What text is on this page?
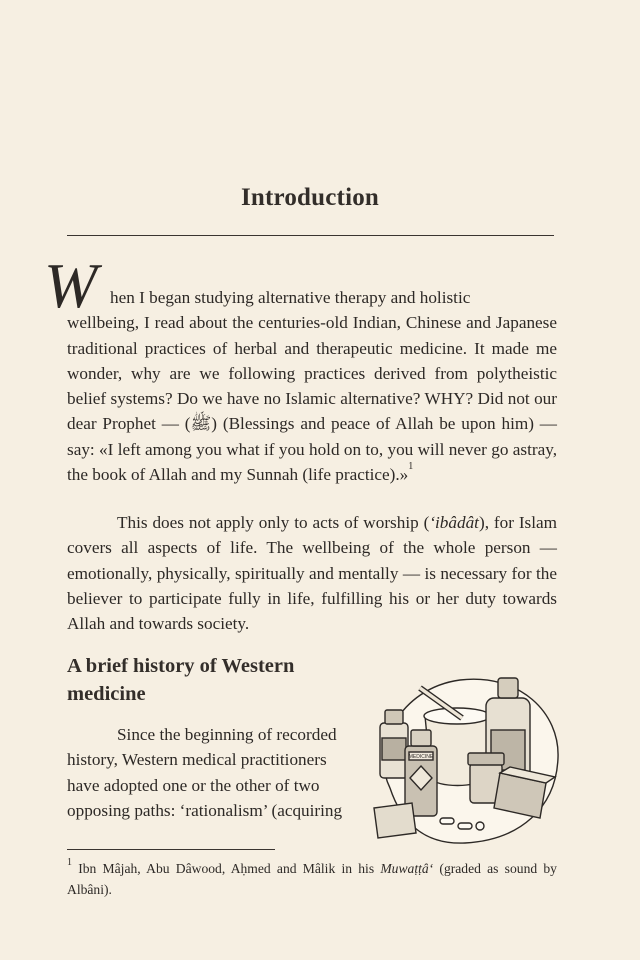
Introduction
W hen I began studying alternative therapy and holistic
wellbeing, I read about the centuries-old Indian, Chinese and Japanese traditional practices of herbal and therapeutic medicine. It made me wonder, why are we following practices derived from polytheistic belief systems? Do we have no Islamic alternative? WHY? Did not our dear Prophet — (ﷺ) (Blessings and peace of Allah be upon him) — say: «I left among you what if you hold on to, you will never go astray, the book of Allah and my Sunnah (life practice).»$^1$
This does not apply only to acts of worship (‘ibâdât), for Islam covers all aspects of life. The wellbeing of the whole person — emotionally, physically, spiritually and mentally — is necessary for the believer to participate fully in life, fulfilling his or her duty towards Allah and towards society.
A brief history of Western medicine
Since the beginning of recorded history, Western medical practitioners have adopted one or the other of two opposing paths: ‘rationalism’ (acquiring
MEDICINE
$^1$ Ibn Mâjah, Abu Dâwood, Aḥmed and Mâlik in his Muwaṭṭâ‘ (graded as sound by Albâni).
